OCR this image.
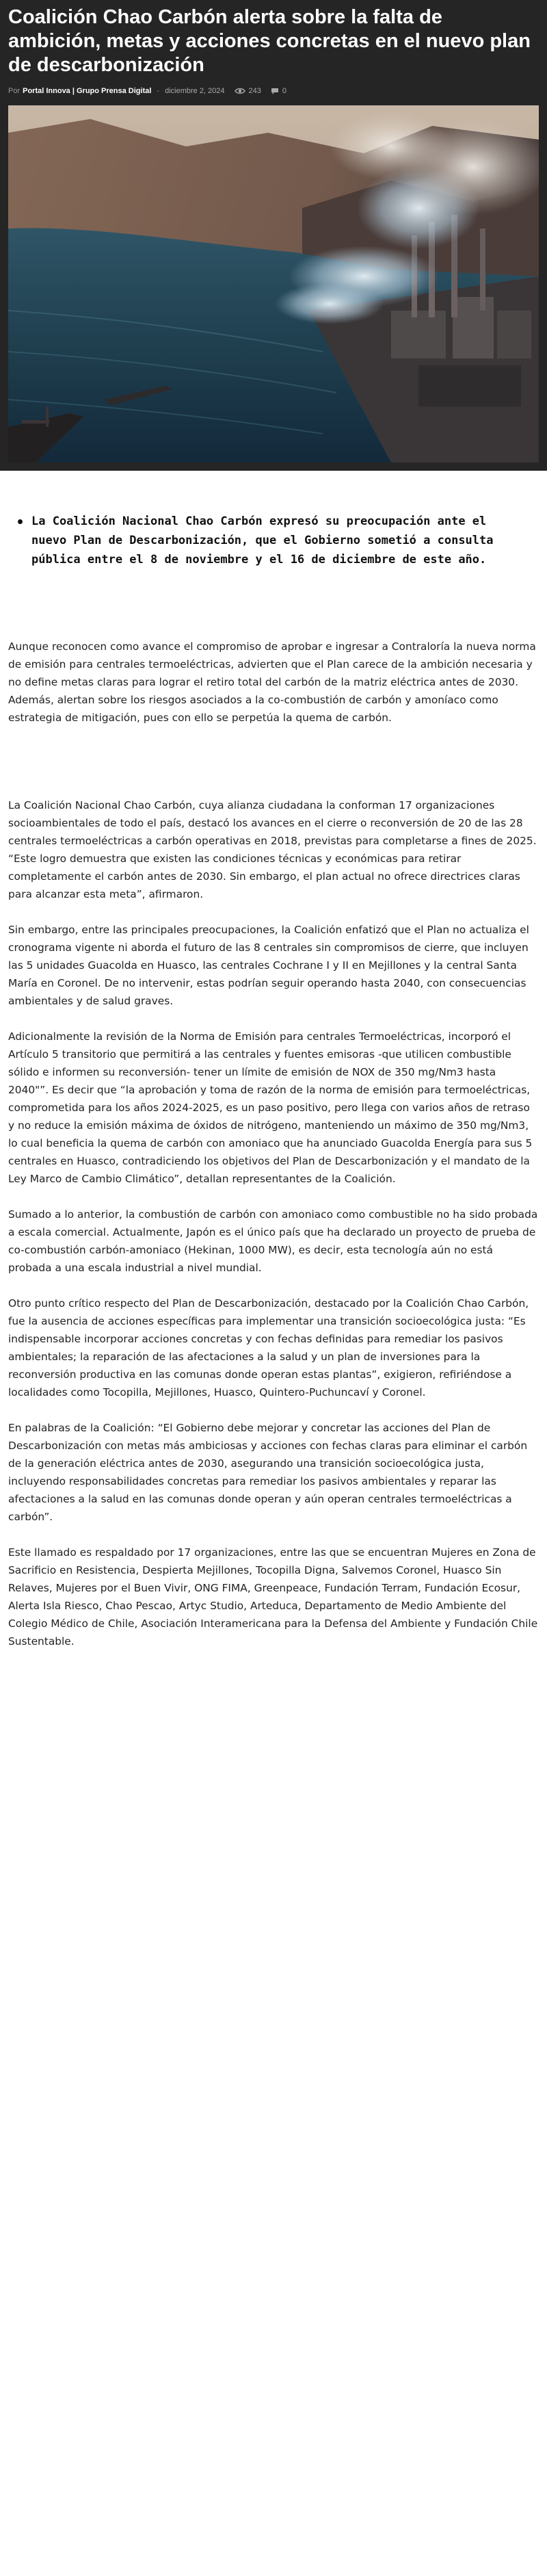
Coalición Chao Carbón alerta sobre la falta de ambición, metas y acciones concretas en el nuevo plan de descarbonización
Por Portal Innova | Grupo Prensa Digital - diciembre 2, 2024	243	0
La Coalición Nacional Chao Carbón expresó su preocupación ante el nuevo Plan de Descarbonización, que el Gobierno sometió a consulta pública entre el 8 de noviembre y el 16 de diciembre de este año.

Aunque reconocen como avance el compromiso de aprobar e ingresar a Contraloría la nueva norma de emisión para centrales termoeléctricas, advierten que el Plan carece de la ambición necesaria y no define metas claras para lograr el retiro total del carbón de la matriz eléctrica antes de 2030. Además, alertan sobre los riesgos asociados a la co-combustión de carbón y amoníaco como estrategia de mitigación, pues con ello se perpetúa la quema de carbón.

La Coalición Nacional Chao Carbón, cuya alianza ciudadana la conforman 17 organizaciones socioambientales de todo el país, destacó los avances en el cierre o reconversión de 20 de las 28 centrales termoeléctricas a carbón operativas en 2018, previstas para completarse a fines de 2025. “Este logro demuestra que existen las condiciones técnicas y económicas para retirar completamente el carbón antes de 2030. Sin embargo, el plan actual no ofrece directrices claras para alcanzar esta meta”, afirmaron.

Sin embargo, entre las principales preocupaciones, la Coalición enfatizó que el Plan no actualiza el cronograma vigente ni aborda el futuro de las 8 centrales sin compromisos de cierre, que incluyen las 5 unidades Guacolda en Huasco, las centrales Cochrane I y II en Mejillones y la central Santa María en Coronel. De no intervenir, estas podrían seguir operando hasta 2040, con consecuencias ambientales y de salud graves.

Adicionalmente la revisión de la Norma de Emisión para centrales Termoeléctricas, incorporó el Artículo 5 transitorio que permitirá a las centrales y fuentes emisoras -que utilicen combustible sólido e informen su reconversión- tener un límite de emisión de NOX de 350 mg/Nm3 hasta 2040"”. Es decir que “la aprobación y toma de razón de la norma de emisión para termoeléctricas, comprometida para los años 2024-2025, es un paso positivo, pero llega con varios años de retraso y no reduce la emisión máxima de óxidos de nitrógeno, manteniendo un máximo de 350 mg/Nm3, lo cual beneficia la quema de carbón con amoniaco que ha anunciado Guacolda Energía para sus 5 centrales en Huasco, contradiciendo los objetivos del Plan de Descarbonización y el mandato de la Ley Marco de Cambio Climático”, detallan representantes de la Coalición.

Sumado a lo anterior, la combustión de carbón con amoniaco como combustible no ha sido probada a escala comercial. Actualmente, Japón es el único país que ha declarado un proyecto de prueba de co-combustión carbón-amoniaco (Hekinan, 1000 MW), es decir, esta tecnología aún no está probada a una escala industrial a nivel mundial.

Otro punto crítico respecto del Plan de Descarbonización, destacado por la Coalición Chao Carbón, fue la ausencia de acciones específicas para implementar una transición socioecológica justa: “Es indispensable incorporar acciones concretas y con fechas definidas para remediar los pasivos ambientales; la reparación de las afectaciones a la salud y un plan de inversiones para la reconversión productiva en las comunas donde operan estas plantas”, exigieron, refiriéndose a localidades como Tocopilla, Mejillones, Huasco, Quintero-Puchuncaví y Coronel.

En palabras de la Coalición: “El Gobierno debe mejorar y concretar las acciones del Plan de Descarbonización con metas más ambiciosas y acciones con fechas claras para eliminar el carbón de la generación eléctrica antes de 2030, asegurando una transición socioecológica justa, incluyendo responsabilidades concretas para remediar los pasivos ambientales y reparar las afectaciones a la salud en las comunas donde operan y aún operan centrales termoeléctricas a carbón”.

Este llamado es respaldado por 17 organizaciones, entre las que se encuentran Mujeres en Zona de Sacrificio en Resistencia, Despierta Mejillones, Tocopilla Digna, Salvemos Coronel, Huasco Sin Relaves, Mujeres por el Buen Vivir, ONG FIMA, Greenpeace, Fundación Terram, Fundación Ecosur, Alerta Isla Riesco, Chao Pescao, Artyc Studio, Arteduca, Departamento de Medio Ambiente del Colegio Médico de Chile, Asociación Interamericana para la Defensa del Ambiente y Fundación Chile Sustentable.
